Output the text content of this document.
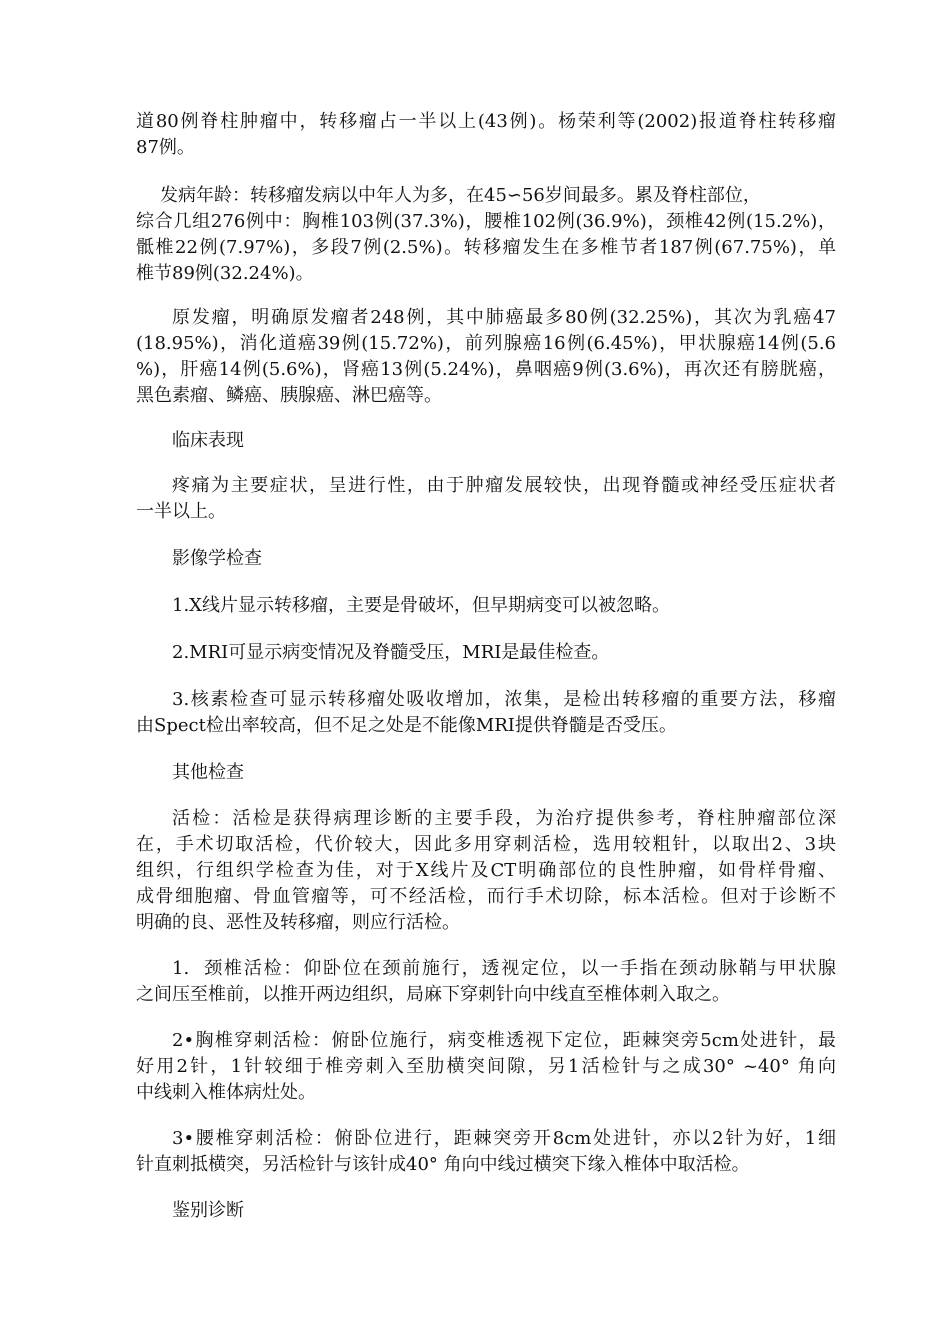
道80例脊柱肿瘤中，转移瘤占一半以上(43例)。杨荣利等(2002)报道脊柱转移瘤
87例。
发病年龄：转移瘤发病以中年人为多，在45∽56岁间最多。累及脊柱部位，
综合几组276例中：胸椎103例(37.3%)，腰椎102例(36.9%)，颈椎42例(15.2%)，
骶椎22例(7.97%)，多段7例(2.5%)。转移瘤发生在多椎节者187例(67.75%)，单
椎节89例(32.24%)。
原发瘤，明确原发瘤者248例，其中肺癌最多80例(32.25%)，其次为乳癌47
(18.95%)，消化道癌39例(15.72%)，前列腺癌16例(6.45%)，甲状腺癌14例(5.6
%)，肝癌14例(5.6%)，肾癌13例(5.24%)，鼻咽癌9例(3.6%)，再次还有膀胱癌，
黑色素瘤、鳞癌、胰腺癌、淋巴癌等。
临床表现
疼痛为主要症状，呈进行性，由于肿瘤发展较快，出现脊髓或神经受压症状者
一半以上。
影像学检查
1.X线片显示转移瘤，主要是骨破坏，但早期病变可以被忽略。
2.MRI可显示病变情况及脊髓受压，MRI是最佳检查。
3.核素检查可显示转移瘤处吸收增加，浓集，是检出转移瘤的重要方法，移瘤
由Spect检出率较高，但不足之处是不能像MRI提供脊髓是否受压。
其他检查
活检：活检是获得病理诊断的主要手段，为治疗提供参考，脊柱肿瘤部位深
在，手术切取活检，代价较大，因此多用穿刺活检，选用较粗针，以取出2、3块
组织，行组织学检查为佳，对于X线片及CT明确部位的良性肿瘤，如骨样骨瘤、
成骨细胞瘤、骨血管瘤等，可不经活检，而行手术切除，标本活检。但对于诊断不
明确的良、恶性及转移瘤，则应行活检。
1.  颈椎活检：仰卧位在颈前施行，透视定位，以一手指在颈动脉鞘与甲状腺
之间压至椎前，以推开两边组织，局麻下穿刺针向中线直至椎体刺入取之。
2•胸椎穿刺活检：俯卧位施行，病变椎透视下定位，距棘突旁5cm处进针，最
好用2针，1针较细于椎旁刺入至肋横突间隙，另1活检针与之成30° ~40° 角向
中线刺入椎体病灶处。
3•腰椎穿刺活检：俯卧位进行，距棘突旁开8cm处进针，亦以2针为好，1细
针直刺抵横突，另活检针与该针成40° 角向中线过横突下缘入椎体中取活检。
鉴别诊断
